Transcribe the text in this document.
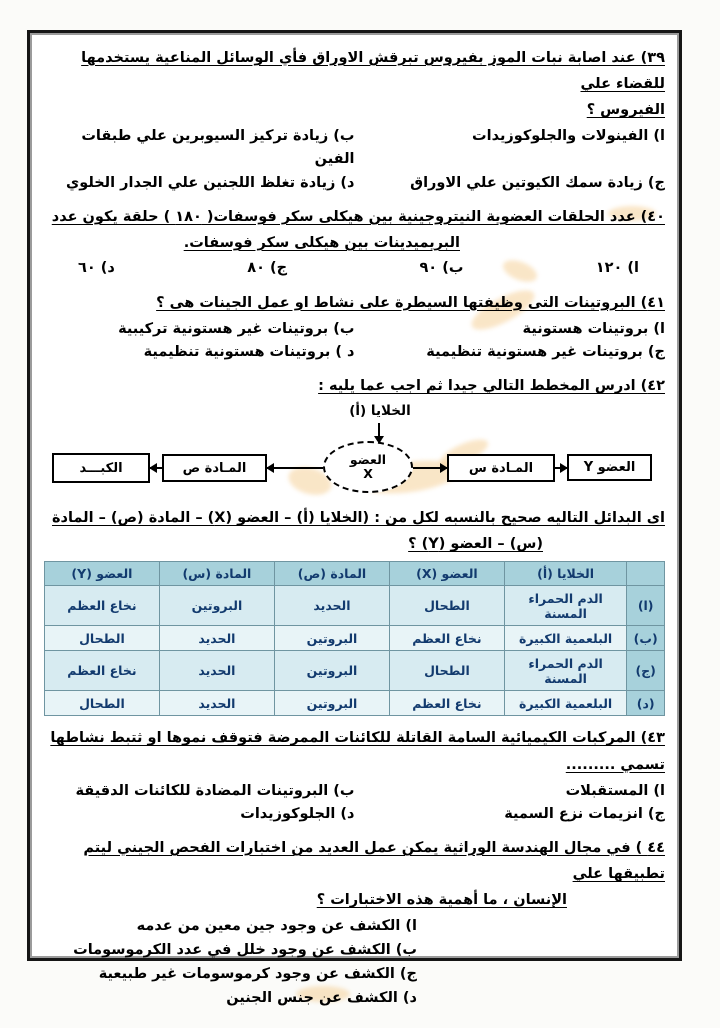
٣٩) عند اصابة نبات الموز بفيروس تبرقش الاوراق فأي الوسائل المناعية يستخدمها للقضاء علي
الفيروس ؟
ا) الفينولات والجلوكوزيدات
ب) زيادة تركيز السيوبرين علي طبقات الفين
ج) زيادة سمك الكيوتين علي الاوراق
د) زيادة تغلظ اللجنين علي الجدار الخلوي
٤٠) عدد الحلقات العضوية النيتروجينية بين هيكلى سكر فوسفات( ١٨٠ ) حلقة يكون عدد
البريميدينات بين هيكلى سكر فوسفات.
ا) ١٢٠
ب) ٩٠
ج) ٨٠
د) ٦٠
٤١) البروتينات التى وظيفتها السيطرة على نشاط او عمل الجينات هى ؟
ا) بروتينات هستونية
ب) بروتينات غير هستونية تركيبية
ج) بروتينات غير هستونية تنظيمية
د ) بروتينات هستونية تنظيمية
٤٢) ادرس المخطط التالي جيدا ثم اجب عما يليه :
الخلايا (أ)
العضو
X	العضو Y
المـادة س
المـادة ص
الكبـــد
اى البدائل التاليه صحيح بالنسبه لكل من : (الخلايا (أ) – العضو (X) – المادة (ص) – المادة
(س) – العضو (Y) ؟
	الخلايا (أ)	العضو (X)	المادة (ص)	المادة (س)	العضو (Y)
(ا)	الدم الحمراء المسنة	الطحال	الحديد	البروتين	نخاع العظم
(ب)	البلعمية الكبيرة	نخاع العظم	البروتين	الحديد	الطحال
(ج)	الدم الحمراء المسنة	الطحال	البروتين	الحديد	نخاع العظم
(د)	البلعمية الكبيرة	نخاع العظم	البروتين	الحديد	الطحال
٤٣) المركبات الكيميائية السامة القاتلة للكائنات الممرضة فتوقف نموها او ثتبط نشاطها تسمي .........
ا) المستقبلات
ب) البروتينات المضادة للكائنات الدقيقة
ج) انزيمات نزع السمية
د) الجلوكوزيدات
٤٤ ) في مجال الهندسة الوراثية يمكن عمل العديد من اختبارات الفحص الجيني ليتم تطبيقها علي
الإنسان ، ما أهمية هذه الاختبارات ؟
ا) الكشف عن وجود جين معين من عدمه
ب) الكشف عن وجود خلل في عدد الكرموسومات
ج) الكشف عن وجود كرموسومات غير طبيعية
د) الكشف عن جنس الجنين
